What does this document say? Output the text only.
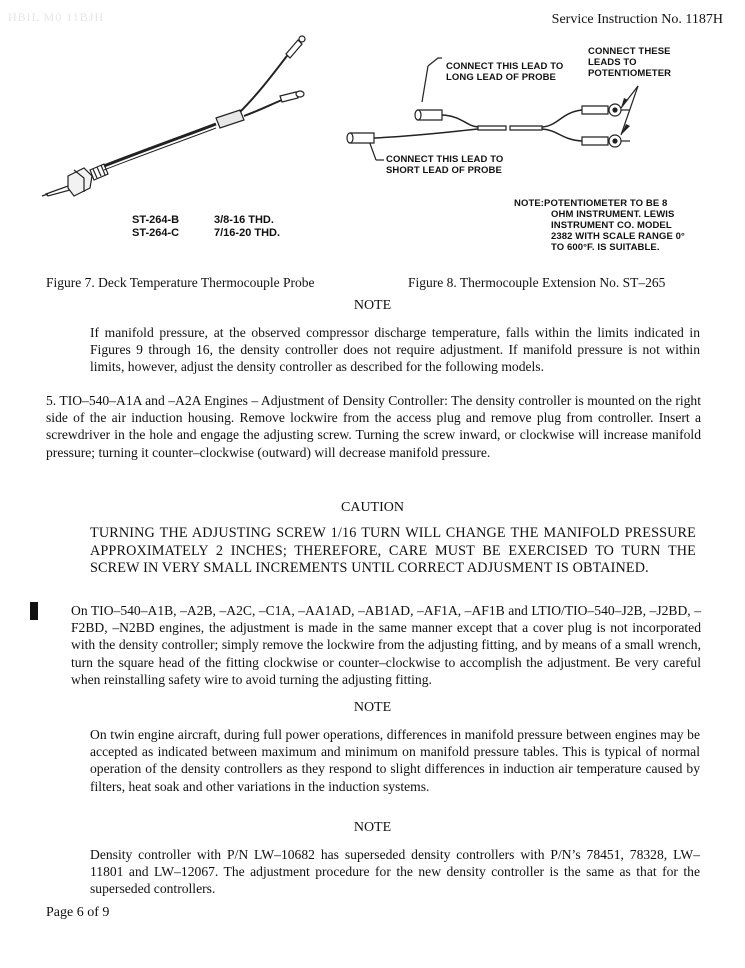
HBIL M0 11BJH	Service Instruction No. 1187H
ST-264-B	3/8-16 THD.
ST-264-C	7/16-20 THD.
CONNECT THESE
LEADS TO
POTENTIOMETER
CONNECT THIS LEAD TO
LONG LEAD OF PROBE
CONNECT THIS LEAD TO
SHORT LEAD OF PROBE
NOTE:POTENTIOMETER TO BE 8
OHM INSTRUMENT. LEWIS
INSTRUMENT CO. MODEL
2382 WITH SCALE RANGE 0°
TO 600°F. IS SUITABLE.
Figure 7. Deck Temperature Thermocouple Probe	Figure 8. Thermocouple Extension No. ST–265
NOTE
If manifold pressure, at the observed compressor discharge temperature, falls within the limits indicated in Figures 9 through 16, the density controller does not require adjustment. If manifold pressure is not within limits, however, adjust the density controller as described for the following models.
5. TIO–540–A1A and –A2A Engines – Adjustment of Density Controller: The density controller is mounted on the right side of the air induction housing. Remove lockwire from the access plug and remove plug from controller. Insert a screwdriver in the hole and engage the adjusting screw. Turning the screw inward, or clockwise will increase manifold pressure; turning it counter–clockwise (outward) will decrease manifold pressure.
CAUTION
TURNING THE ADJUSTING SCREW 1/16 TURN WILL CHANGE THE MANIFOLD PRESSURE APPROXIMATELY 2 INCHES; THEREFORE, CARE MUST BE EXERCISED TO TURN THE SCREW IN VERY SMALL INCREMENTS UNTIL CORRECT ADJUSMENT IS OBTAINED.
On TIO–540–A1B, –A2B, –A2C, –C1A, –AA1AD, –AB1AD, –AF1A, –AF1B and LTIO/TIO–540–J2B, –J2BD, –F2BD, –N2BD engines, the adjustment is made in the same manner except that a cover plug is not incorporated with the density controller; simply remove the lockwire from the adjusting fitting, and by means of a small wrench, turn the square head of the fitting clockwise or counter–clockwise to accomplish the adjustment. Be very careful when reinstalling safety wire to avoid turning the adjusting fitting.
NOTE
On twin engine aircraft, during full power operations, differences in manifold pressure between engines may be accepted as indicated between maximum and minimum on manifold pressure tables. This is typical of normal operation of the density controllers as they respond to slight differences in induction air temperature caused by filters, heat soak and other variations in the induction systems.
NOTE
Density controller with P/N LW–10682 has superseded density controllers with P/N’s 78451, 78328, LW–11801 and LW–12067. The adjustment procedure for the new density controller is the same as that for the superseded controllers.
Page 6 of 9
